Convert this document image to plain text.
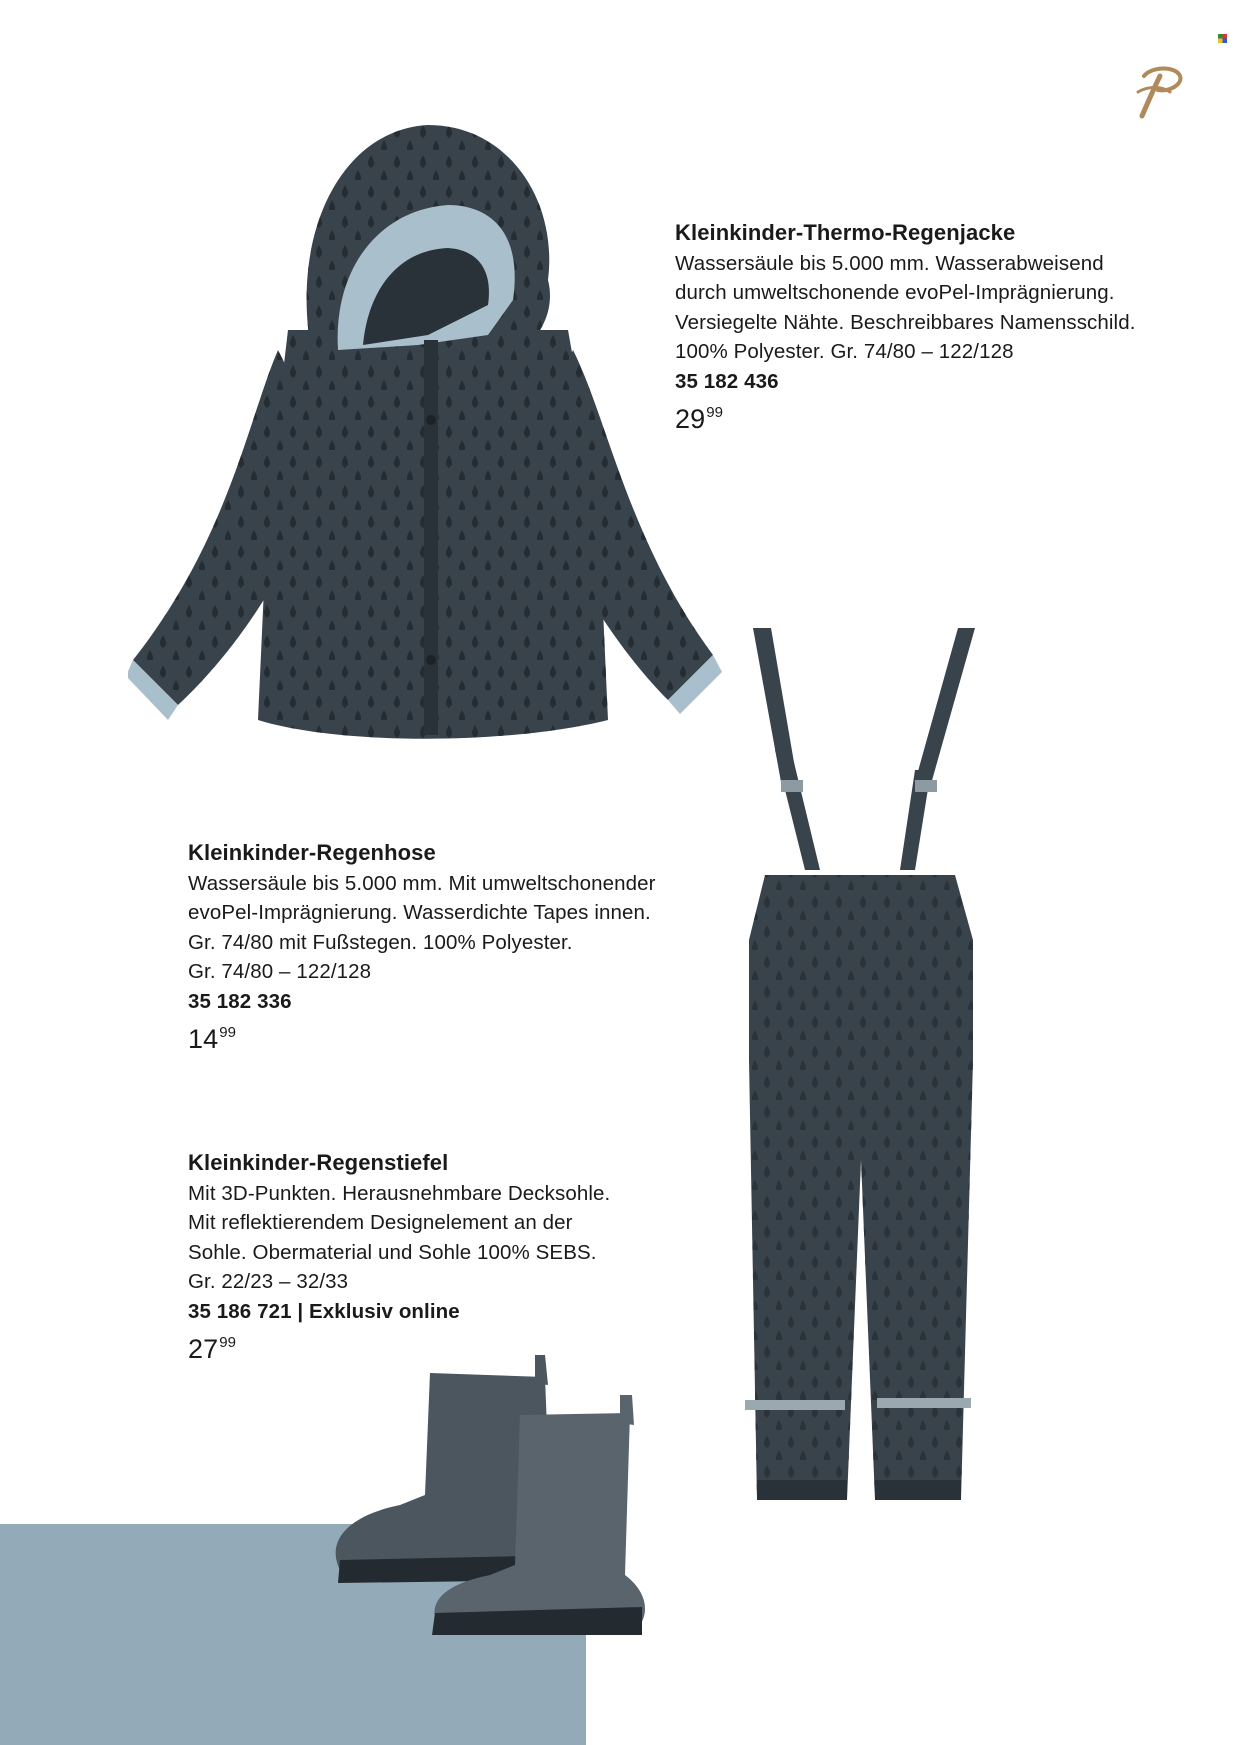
Kleinkinder-Thermo-Regenjacke
Wassersäule bis 5.000 mm. Wasserabweisend
durch umweltschonende evoPel-Imprägnierung.
Versiegelte Nähte. Beschreibbares Namensschild.
100% Polyester. Gr. 74/80 – 122/128
35 182 436
$29^{99}$
Kleinkinder-Regenhose
Wassersäule bis 5.000 mm. Mit umweltschonender
evoPel-Imprägnierung. Wasserdichte Tapes innen.
Gr. 74/80 mit Fußstegen. 100% Polyester.
Gr. 74/80 – 122/128
35 182 336
$14^{99}$
Kleinkinder-Regenstiefel
Mit 3D-Punkten. Herausnehmbare Decksohle.
Mit reflektierendem Designelement an der
Sohle. Obermaterial und Sohle 100% SEBS.
Gr. 22/23 – 32/33
35 186 721 | Exklusiv online
$27^{99}$
